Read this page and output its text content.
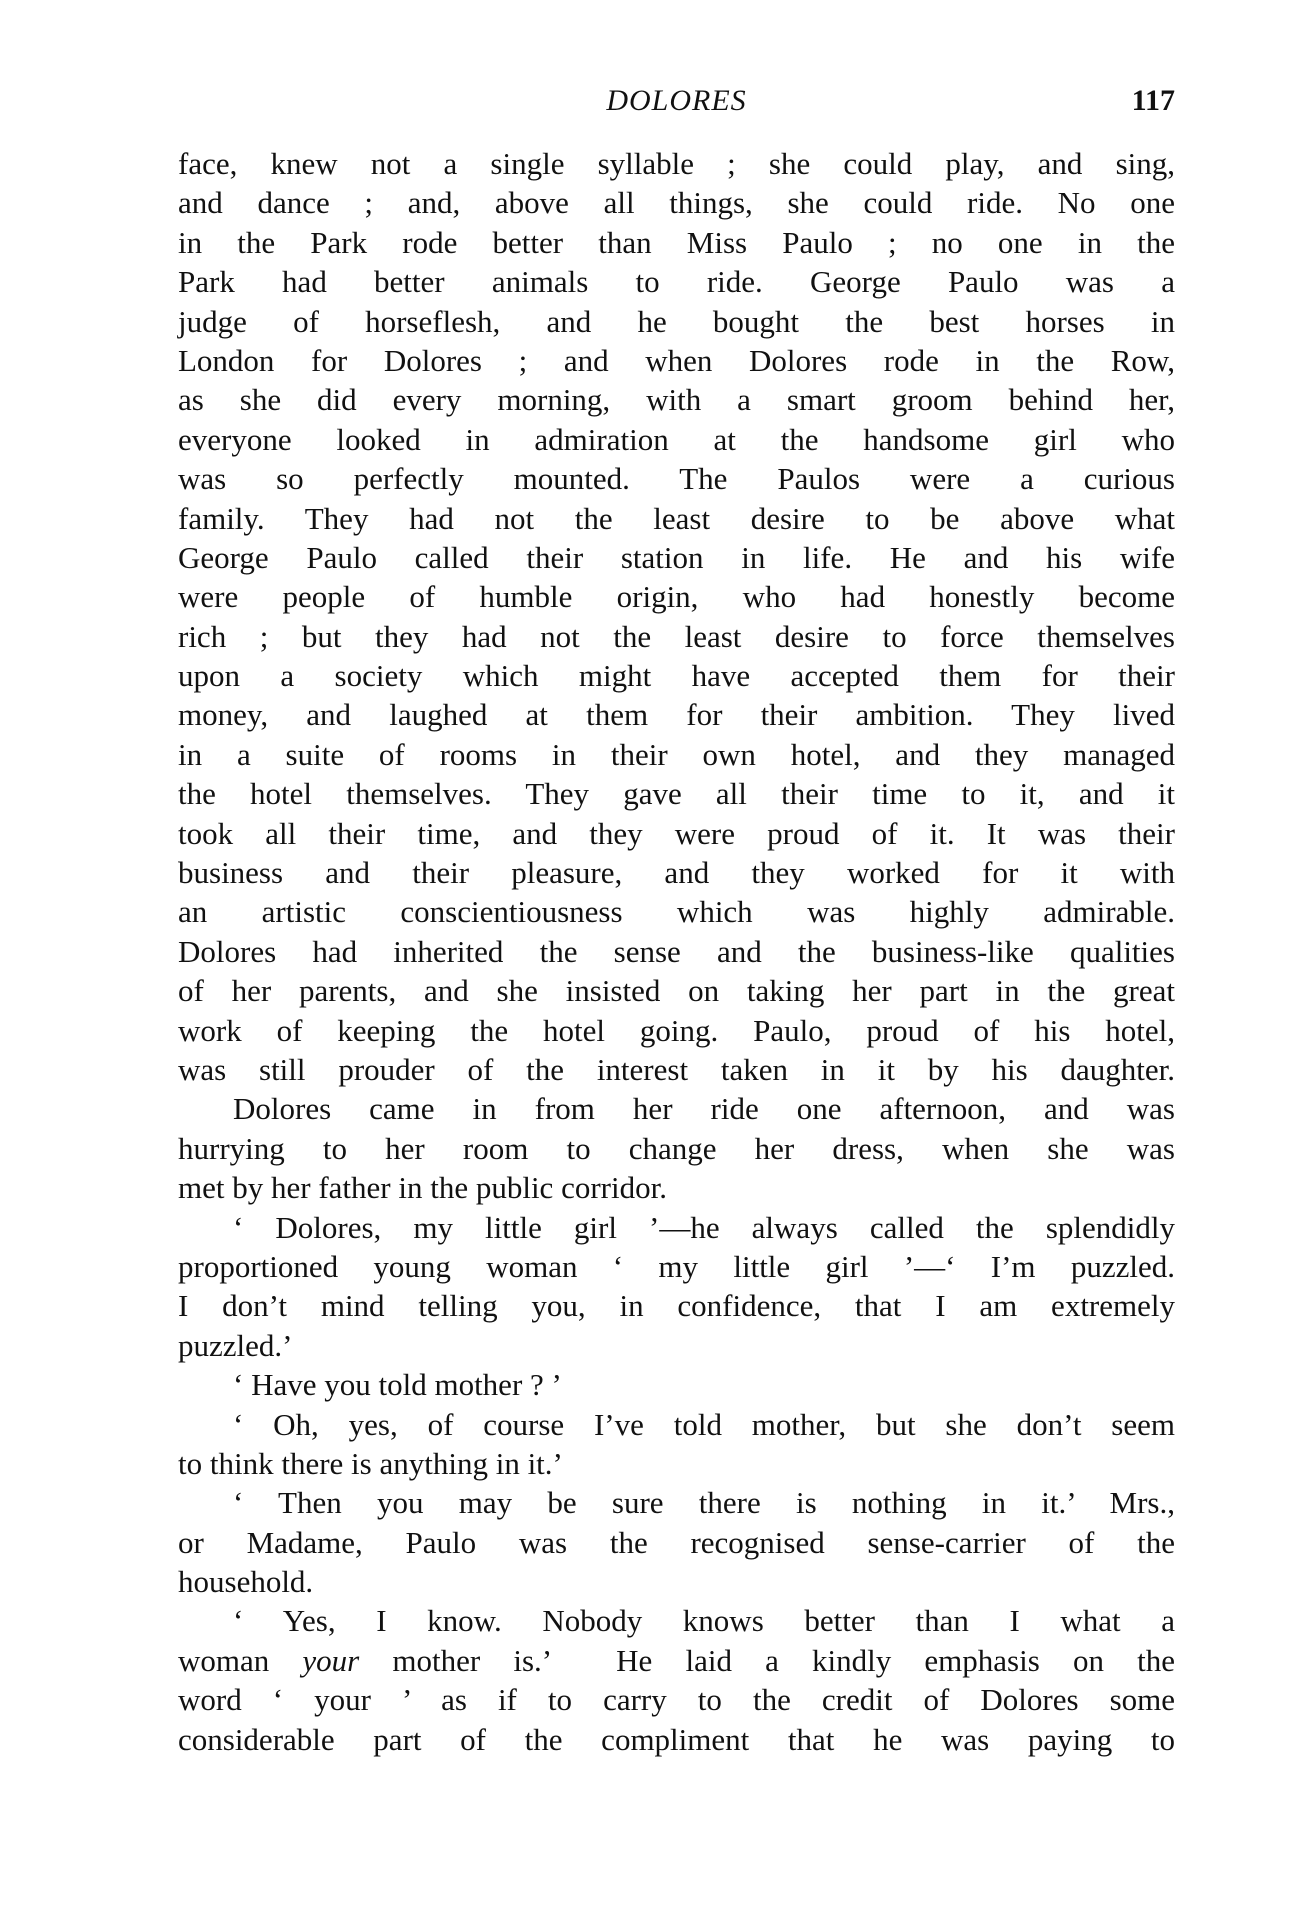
DOLORES	117
face, knew not a single syllable ; she could play, and sing,
and dance ; and, above all things, she could ride. No one
in the Park rode better than Miss Paulo ; no one in the
Park had better animals to ride. George Paulo was a
judge of horseflesh, and he bought the best horses in
London for Dolores ; and when Dolores rode in the Row,
as she did every morning, with a smart groom behind her,
everyone looked in admiration at the handsome girl who
was so perfectly mounted. The Paulos were a curious
family. They had not the least desire to be above what
George Paulo called their station in life. He and his wife
were people of humble origin, who had honestly become
rich ; but they had not the least desire to force themselves
upon a society which might have accepted them for their
money, and laughed at them for their ambition. They lived
in a suite of rooms in their own hotel, and they managed
the hotel themselves. They gave all their time to it, and it
took all their time, and they were proud of it. It was their
business and their pleasure, and they worked for it with
an artistic conscientiousness which was highly admirable.
Dolores had inherited the sense and the business-like qualities
of her parents, and she insisted on taking her part in the great
work of keeping the hotel going. Paulo, proud of his hotel,
was still prouder of the interest taken in it by his daughter.
Dolores came in from her ride one afternoon, and was
hurrying to her room to change her dress, when she was
met by her father in the public corridor.
‘ Dolores, my little girl ’—he always called the splendidly
proportioned young woman ‘ my little girl ’—‘ I’m puzzled.
I don’t mind telling you, in confidence, that I am extremely
puzzled.’
‘ Have you told mother ? ’
‘ Oh, yes, of course I’ve told mother, but she don’t seem
to think there is anything in it.’
‘ Then you may be sure there is nothing in it.’ Mrs.,
or Madame, Paulo was the recognised sense-carrier of the
household.
‘ Yes, I know. Nobody knows better than I what a
woman your mother is.’  He laid a kindly emphasis on the
word ‘ your ’ as if to carry to the credit of Dolores some
considerable part of the compliment that he was paying to
